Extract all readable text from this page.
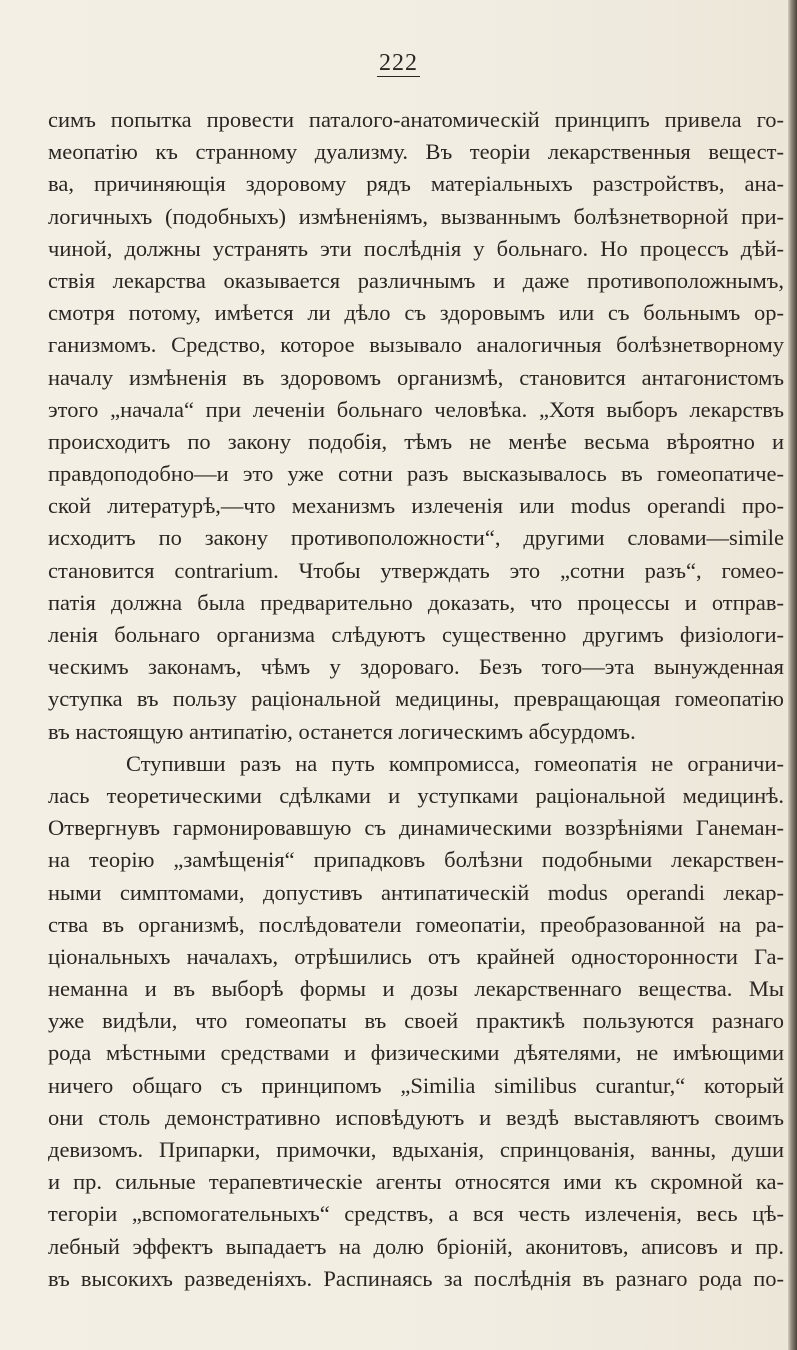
222
симъ попытка провести паталого-анатомическій принципъ привела го-
меопатію къ странному дуализму. Въ теоріи лекарственныя вещест-
ва, причиняющія здоровому рядъ матеріальныхъ разстройствъ, ана-
логичныхъ (подобныхъ) измѣненіямъ, вызваннымъ болѣзнетворной при-
чиной, должны устранять эти послѣднія у больнаго. Но процессъ дѣй-
ствія лекарства оказывается различнымъ и даже противоположнымъ,
смотря потому, имѣется ли дѣло съ здоровымъ или съ больнымъ ор-
ганизмомъ. Средство, которое вызывало аналогичныя болѣзнетворному
началу измѣненія въ здоровомъ организмѣ, становится антагонистомъ
этого „начала“ при леченіи больнаго человѣка. „Хотя выборъ лекарствъ
происходитъ по закону подобія, тѣмъ не менѣе весьма вѣроятно и
правдоподобно—и это уже сотни разъ высказывалось въ гомеопатиче-
ской литературѣ,—что механизмъ излеченія или modus operandi про-
исходитъ по закону противоположности“, другими словами—simile
становится contrarium. Чтобы утверждать это „сотни разъ“, гомео-
патія должна была предварительно доказать, что процессы и отправ-
ленія больнаго организма слѣдуютъ существенно другимъ физіологи-
ческимъ законамъ, чѣмъ у здороваго. Безъ того—эта вынужденная
уступка въ пользу раціональной медицины, превращающая гомеопатію
въ настоящую антипатію, останется логическимъ абсурдомъ.
Ступивши разъ на путь компромисса, гомеопатія не ограничи-
лась теоретическими сдѣлками и уступками раціональной медицинѣ.
Отвергнувъ гармонировавшую съ динамическими воззрѣніями Ганеман-
на теорію „замѣщенія“ припадковъ болѣзни подобными лекарствен-
ными симптомами, допустивъ антипатическій modus operandi лекар-
ства въ организмѣ, послѣдователи гомеопатіи, преобразованной на ра-
ціональныхъ началахъ, отрѣшились отъ крайней односторонности Га-
неманна и въ выборѣ формы и дозы лекарственнаго вещества. Мы
уже видѣли, что гомеопаты въ своей практикѣ пользуются разнаго
рода мѣстными средствами и физическими дѣятелями, не имѣющими
ничего общаго съ принципомъ „Similia similibus curantur,“ который
они столь демонстративно исповѣдуютъ и вездѣ выставляютъ своимъ
девизомъ. Припарки, примочки, вдыханія, спринцованія, ванны, души
и пр. сильные терапевтическіе агенты относятся ими къ скромной ка-
тегоріи „вспомогательныхъ“ средствъ, а вся честь излеченія, весь цѣ-
лебный эффектъ выпадаетъ на долю бріоній, аконитовъ, аписовъ и пр.
въ высокихъ разведеніяхъ. Распинаясь за послѣднія въ разнаго рода по-
